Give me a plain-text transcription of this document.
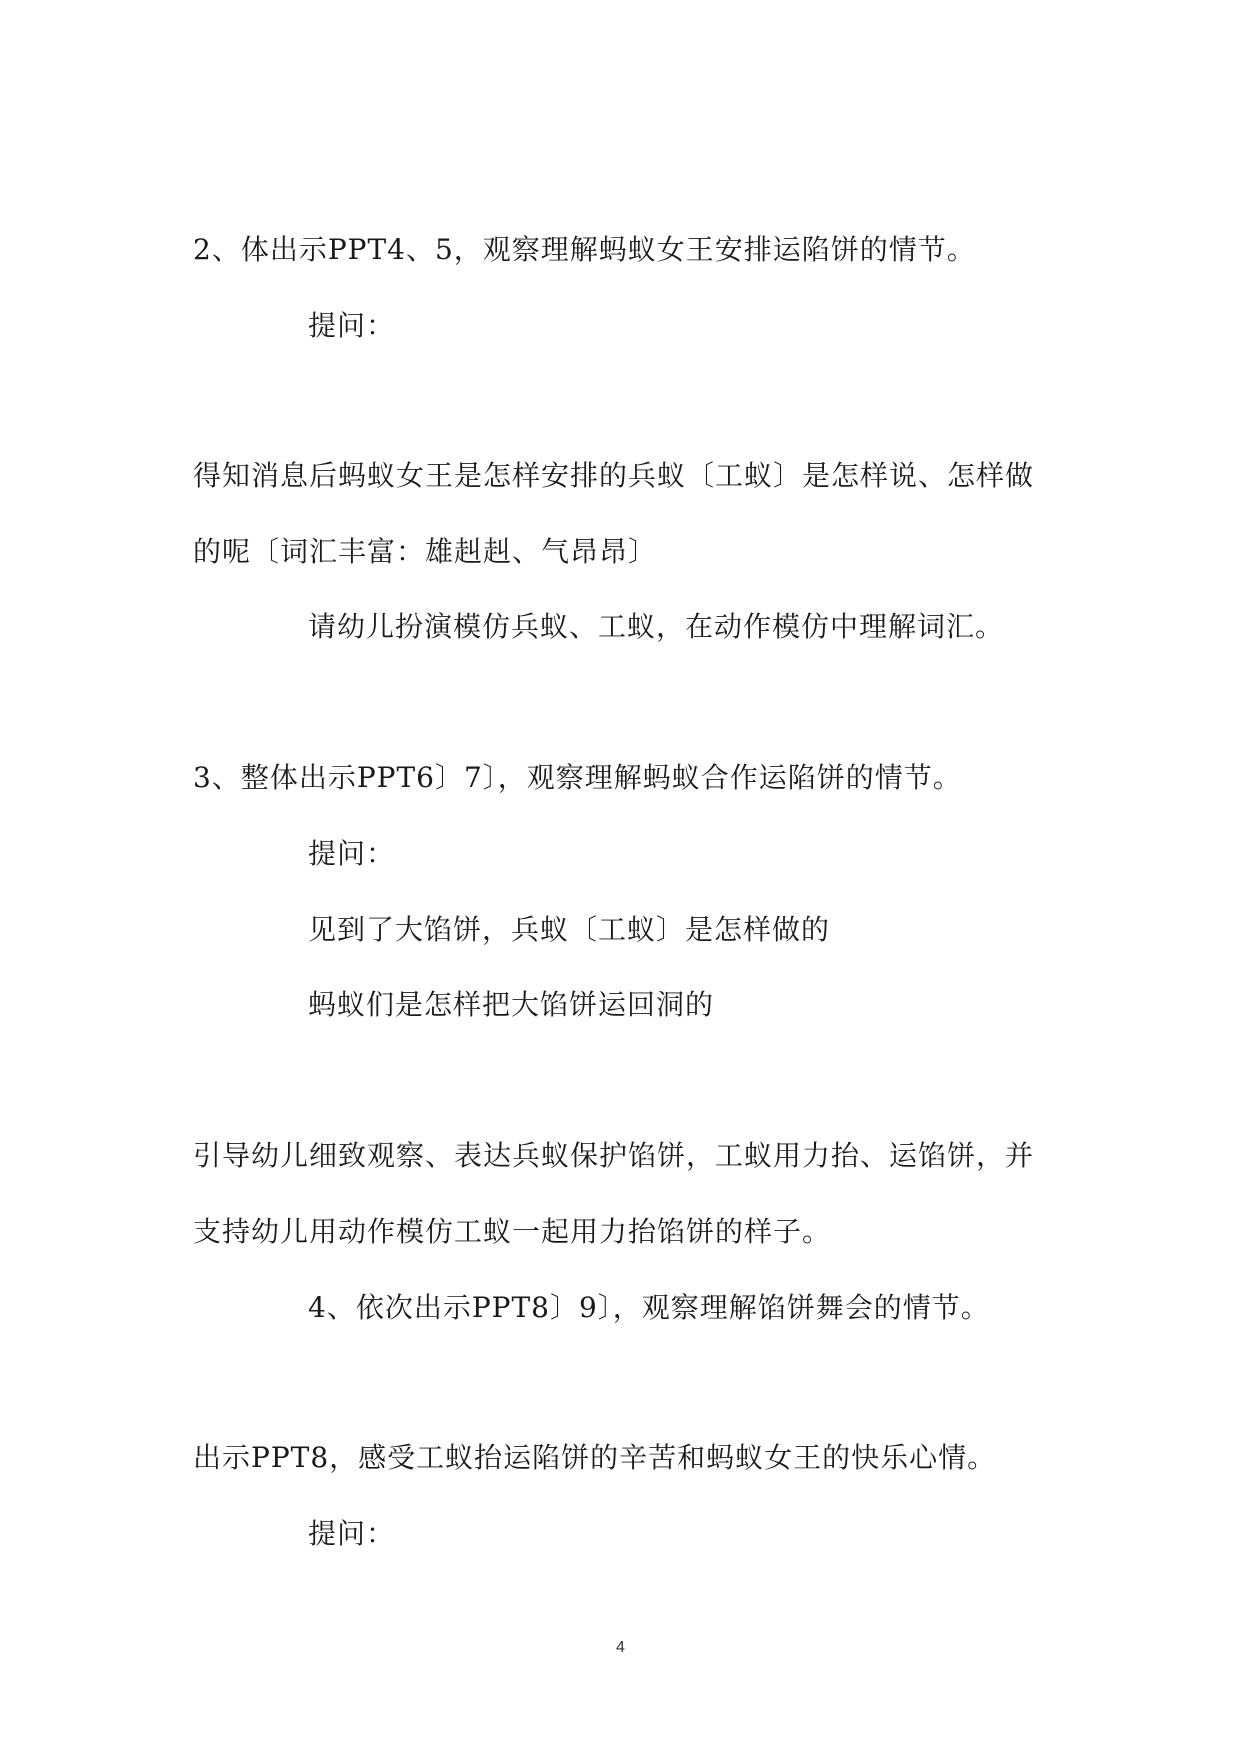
2、体出示PPT4、5，观察理解蚂蚁女王安排运陷饼的情节。
提问：
得知消息后蚂蚁女王是怎样安排的兵蚁〔工蚁〕是怎样说、怎样做
的呢〔词汇丰富：雄赳赳、气昂昂〕
请幼儿扮演模仿兵蚁、工蚁，在动作模仿中理解词汇。
3、整体出示PPT6〕7〕，观察理解蚂蚁合作运陷饼的情节。
提问：
见到了大馅饼，兵蚁〔工蚁〕是怎样做的
蚂蚁们是怎样把大馅饼运回洞的
引导幼儿细致观察、表达兵蚁保护馅饼，工蚁用力抬、运馅饼，并
支持幼儿用动作模仿工蚁一起用力抬馅饼的样子。
4、依次出示PPT8〕9〕，观察理解馅饼舞会的情节。
出示PPT8，感受工蚁抬运陷饼的辛苦和蚂蚁女王的快乐心情。
提问：
4
